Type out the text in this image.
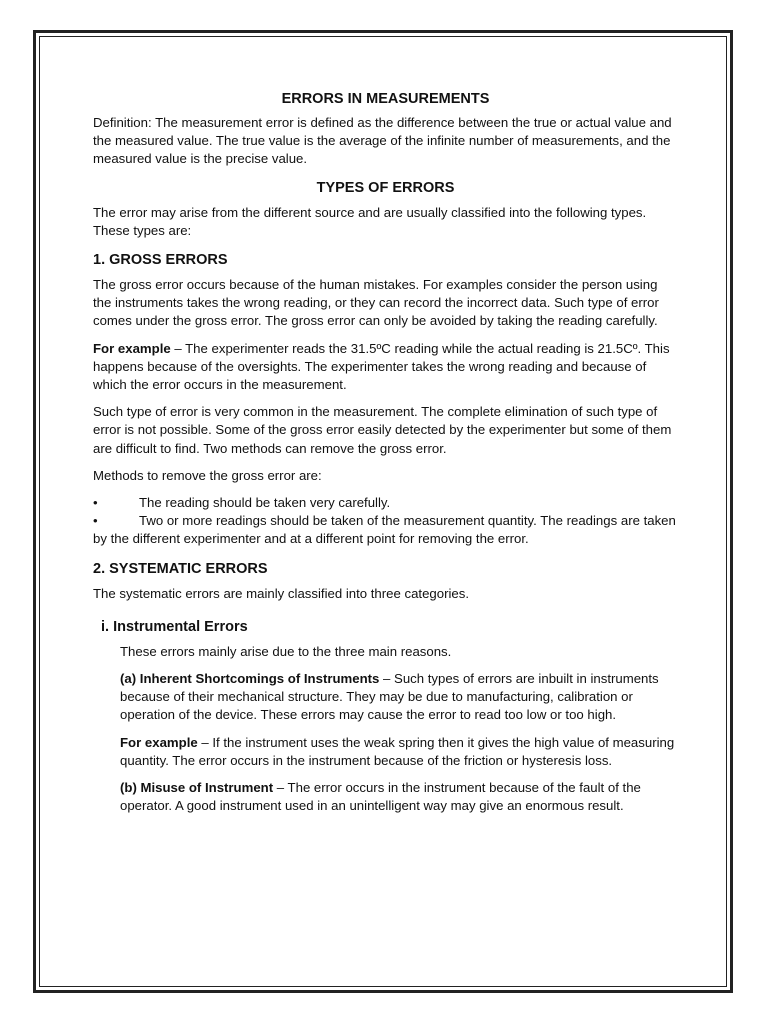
ERRORS IN MEASUREMENTS

Definition: The measurement error is defined as the difference between the true or actual value and the measured value. The true value is the average of the infinite number of measurements, and the measured value is the precise value.

TYPES OF ERRORS

The error may arise from the different source and are usually classified into the following types. These types are:

1. GROSS ERRORS

The gross error occurs because of the human mistakes. For examples consider the person using the instruments takes the wrong reading, or they can record the incorrect data. Such type of error comes under the gross error. The gross error can only be avoided by taking the reading carefully.

For example – The experimenter reads the 31.5ºC reading while the actual reading is 21.5Cº. This happens because of the oversights. The experimenter takes the wrong reading and because of which the error occurs in the measurement.

Such type of error is very common in the measurement. The complete elimination of such type of error is not possible. Some of the gross error easily detected by the experimenter but some of them are difficult to find. Two methods can remove the gross error.

Methods to remove the gross error are:

•	The reading should be taken very carefully.
•	Two or more readings should be taken of the measurement quantity. The readings are taken by the different experimenter and at a different point for removing the error.

2. SYSTEMATIC ERRORS

The systematic errors are mainly classified into three categories.

i. Instrumental Errors

These errors mainly arise due to the three main reasons.

(a) Inherent Shortcomings of Instruments – Such types of errors are inbuilt in instruments because of their mechanical structure. They may be due to manufacturing, calibration or operation of the device. These errors may cause the error to read too low or too high.

For example – If the instrument uses the weak spring then it gives the high value of measuring quantity. The error occurs in the instrument because of the friction or hysteresis loss.

(b) Misuse of Instrument – The error occurs in the instrument because of the fault of the operator. A good instrument used in an unintelligent way may give an enormous result.
